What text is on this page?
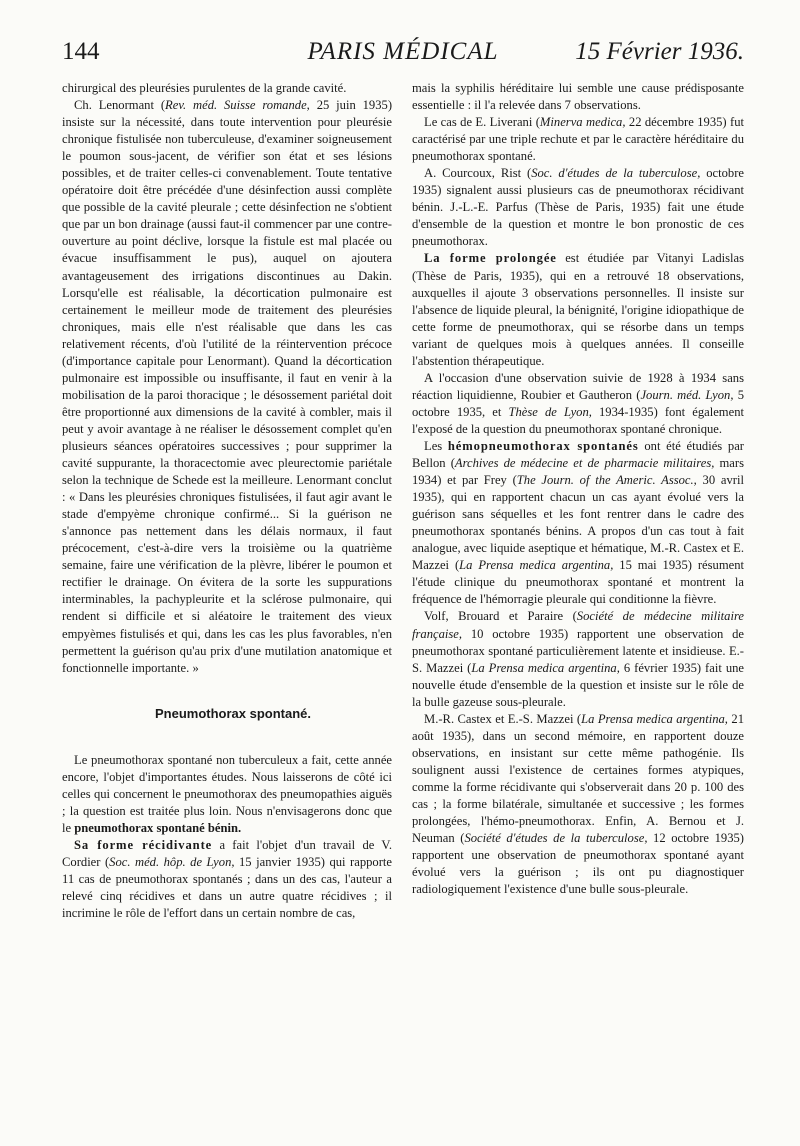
144	PARIS MÉDICAL	15 Février 1936.

chirurgical des pleurésies purulentes de la grande cavité.

Ch. Lenormant (Rev. méd. Suisse romande, 25 juin 1935) insiste sur la nécessité, dans toute intervention pour pleurésie chronique fistulisée non tuberculeuse, d'examiner soigneusement le poumon sous-jacent, de vérifier son état et ses lésions possibles, et de traiter celles-ci convenablement. Toute tentative opératoire doit être précédée d'une désinfection aussi complète que possible de la cavité pleurale ; cette désinfection ne s'obtient que par un bon drainage (aussi faut-il commencer par une contre-ouverture au point déclive, lorsque la fistule est mal placée ou évacue insuffisamment le pus), auquel on ajoutera avantageusement des irrigations discontinues au Dakin. Lorsqu'elle est réalisable, la décortication pulmonaire est certainement le meilleur mode de traitement des pleurésies chroniques, mais elle n'est réalisable que dans les cas relativement récents, d'où l'utilité de la réintervention précoce (d'importance capitale pour Lenormant). Quand la décortication pulmonaire est impossible ou insuffisante, il faut en venir à la mobilisation de la paroi thoracique ; le désossement pariétal doit être proportionné aux dimensions de la cavité à combler, mais il peut y avoir avantage à ne réaliser le désossement complet qu'en plusieurs séances opératoires successives ; pour supprimer la cavité suppurante, la thoracectomie avec pleurectomie pariétale selon la technique de Schede est la meilleure. Lenormant conclut : « Dans les pleurésies chroniques fistulisées, il faut agir avant le stade d'empyème chronique confirmé... Si la guérison ne s'annonce pas nettement dans les délais normaux, il faut précocement, c'est-à-dire vers la troisième ou la quatrième semaine, faire une vérification de la plèvre, libérer le poumon et rectifier le drainage. On évitera de la sorte les suppurations interminables, la pachypleurite et la sclérose pulmonaire, qui rendent si difficile et si aléatoire le traitement des vieux empyèmes fistulisés et qui, dans les cas les plus favorables, n'en permettent la guérison qu'au prix d'une mutilation anatomique et fonctionnelle importante. »

Pneumothorax spontané.

Le pneumothorax spontané non tuberculeux a fait, cette année encore, l'objet d'importantes études. Nous laisserons de côté ici celles qui concernent le pneumothorax des pneumopathies aiguës ; la question est traitée plus loin. Nous n'envisagerons donc que le pneumothorax spontané bénin.

Sa forme récidivante a fait l'objet d'un travail de V. Cordier (Soc. méd. hôp. de Lyon, 15 janvier 1935) qui rapporte 11 cas de pneumothorax spontanés ; dans un des cas, l'auteur a relevé cinq récidives et dans un autre quatre récidives ; il incrimine le rôle de l'effort dans un certain nombre de cas,

mais la syphilis héréditaire lui semble une cause prédisposante essentielle : il l'a relevée dans 7 observations.

Le cas de E. Liverani (Minerva medica, 22 décembre 1935) fut caractérisé par une triple rechute et par le caractère héréditaire du pneumothorax spontané.

A. Courcoux, Rist (Soc. d'études de la tuberculose, octobre 1935) signalent aussi plusieurs cas de pneumothorax récidivant bénin. J.-L.-E. Parfus (Thèse de Paris, 1935) fait une étude d'ensemble de la question et montre le bon pronostic de ces pneumothorax.

La forme prolongée est étudiée par Vitanyi Ladislas (Thèse de Paris, 1935), qui en a retrouvé 18 observations, auxquelles il ajoute 3 observations personnelles. Il insiste sur l'absence de liquide pleural, la bénignité, l'origine idiopathique de cette forme de pneumothorax, qui se résorbe dans un temps variant de quelques mois à quelques années. Il conseille l'abstention thérapeutique.

A l'occasion d'une observation suivie de 1928 à 1934 sans réaction liquidienne, Roubier et Gautheron (Journ. méd. Lyon, 5 octobre 1935, et Thèse de Lyon, 1934-1935) font également l'exposé de la question du pneumothorax spontané chronique.

Les hémopneumothorax spontanés ont été étudiés par Bellon (Archives de médecine et de pharmacie militaires, mars 1934) et par Frey (The Journ. of the Americ. Assoc., 30 avril 1935), qui en rapportent chacun un cas ayant évolué vers la guérison sans séquelles et les font rentrer dans le cadre des pneumothorax spontanés bénins. A propos d'un cas tout à fait analogue, avec liquide aseptique et hématique, M.-R. Castex et E. Mazzei (La Prensa medica argentina, 15 mai 1935) résument l'étude clinique du pneumothorax spontané et montrent la fréquence de l'hémorragie pleurale qui conditionne la fièvre.

Volf, Brouard et Paraire (Société de médecine militaire française, 10 octobre 1935) rapportent une observation de pneumothorax spontané particulièrement latente et insidieuse. E.-S. Mazzei (La Prensa medica argentina, 6 février 1935) fait une nouvelle étude d'ensemble de la question et insiste sur le rôle de la bulle gazeuse sous-pleurale.

M.-R. Castex et E.-S. Mazzei (La Prensa medica argentina, 21 août 1935), dans un second mémoire, en rapportent douze observations, en insistant sur cette même pathogénie. Ils soulignent aussi l'existence de certaines formes atypiques, comme la forme récidivante qui s'observerait dans 20 p. 100 des cas ; la forme bilatérale, simultanée et successive ; les formes prolongées, l'hémo-pneumothorax. Enfin, A. Bernou et J. Neuman (Société d'études de la tuberculose, 12 octobre 1935) rapportent une observation de pneumothorax spontané ayant évolué vers la guérison ; ils ont pu diagnostiquer radiologiquement l'existence d'une bulle sous-pleurale.
